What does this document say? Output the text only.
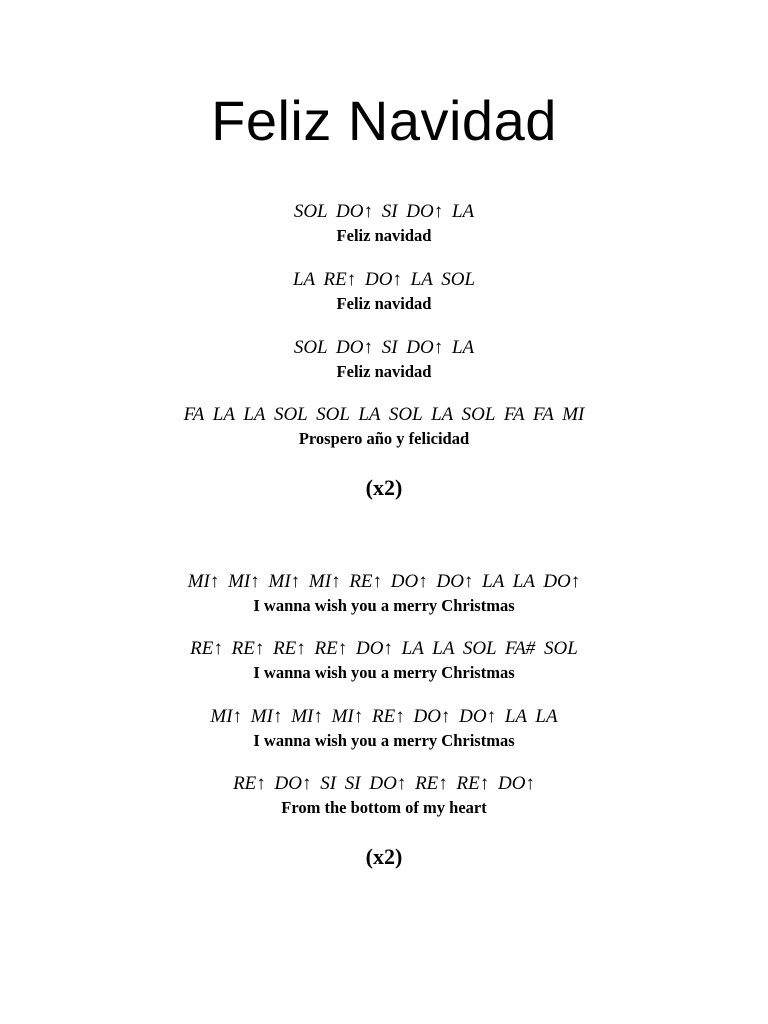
Feliz Navidad
SOL DO↑ SI DO↑ LA
Feliz navidad
LA RE↑ DO↑ LA SOL
Feliz navidad
SOL DO↑ SI DO↑ LA
Feliz navidad
FA LA LA SOL SOL LA SOL LA SOL FA FA MI
Prospero año y felicidad
(x2)
MI↑ MI↑ MI↑ MI↑ RE↑ DO↑ DO↑ LA LA DO↑
I wanna wish you a merry Christmas
RE↑ RE↑ RE↑ RE↑ DO↑ LA LA SOL FA# SOL
I wanna wish you a merry Christmas
MI↑ MI↑ MI↑ MI↑ RE↑ DO↑ DO↑ LA LA
I wanna wish you a merry Christmas
RE↑ DO↑ SI SI DO↑ RE↑ RE↑ DO↑
From the bottom of my heart
(x2)
